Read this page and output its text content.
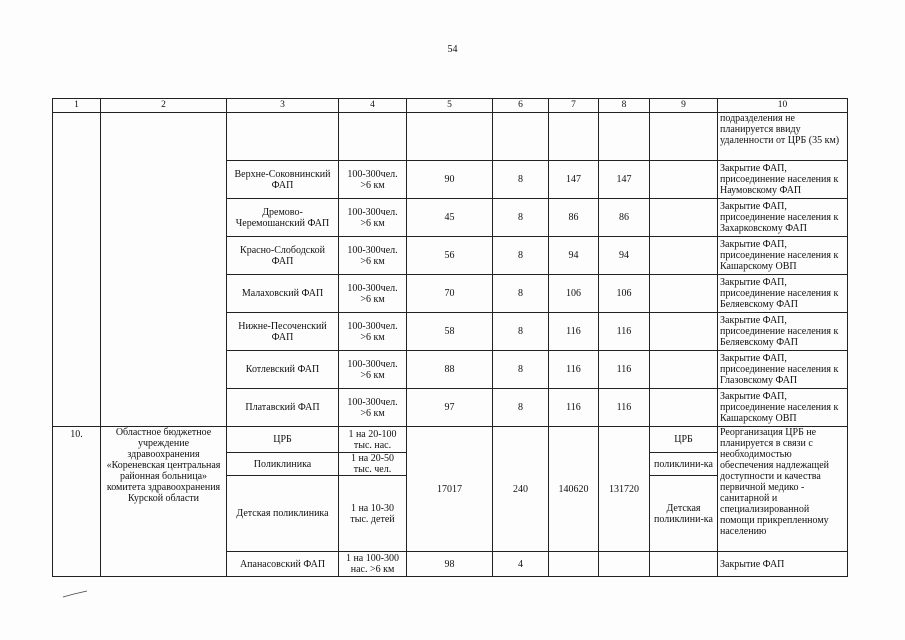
54
1	2	3	4	5	6	7	8	9	10
									подразделения не планируется ввиду удаленности от ЦРБ (35 км)
		Верхне-Соковнинский ФАП	100-300чел. >6 км	90	8	147	147		Закрытие ФАП, присоединение населения к Наумовскому ФАП
		Дремово-Черемошанский ФАП	100-300чел. >6 км	45	8	86	86		Закрытие ФАП, присоединение населения к Захарковскому ФАП
		Красно-Слободской ФАП	100-300чел. >6 км	56	8	94	94		Закрытие ФАП, присоединение населения к Кашарскому ОВП
		Малаховский ФАП	100-300чел. >6 км	70	8	106	106		Закрытие ФАП, присоединение населения к Беляевскому ФАП
		Нижне-Песоченский ФАП	100-300чел. >6 км	58	8	116	116		Закрытие ФАП, присоединение населения к Беляевскому ФАП
		Котлевский ФАП	100-300чел. >6 км	88	8	116	116		Закрытие ФАП, присоединение населения к Глазовскому ФАП
		Платавский ФАП	100-300чел. >6 км	97	8	116	116		Закрытие ФАП, присоединение населения к Кашарскому ОВП
10.	Областное бюджетное учреждение здравоохранения «Кореневская центральная районная больница» комитета здравоохранения Курской области	ЦРБ	1 на 20-100 тыс. нас.	17017	240	140620	131720	ЦРБ	Реорганизация ЦРБ не планируется в связи с необходимостью обеспечения надлежащей доступности и качества первичной медико - санитарной и специализированной помощи прикрепленному населению
		Поликлиника	1 на 20-50 тыс. чел.					поликлини-ка	
		Детская поликлиника	1 на 10-30 тыс. детей					Детская поликлини-ка	
		Апанасовский ФАП	1 на 100-300 нас. >6 км	98	4				Закрытие ФАП
